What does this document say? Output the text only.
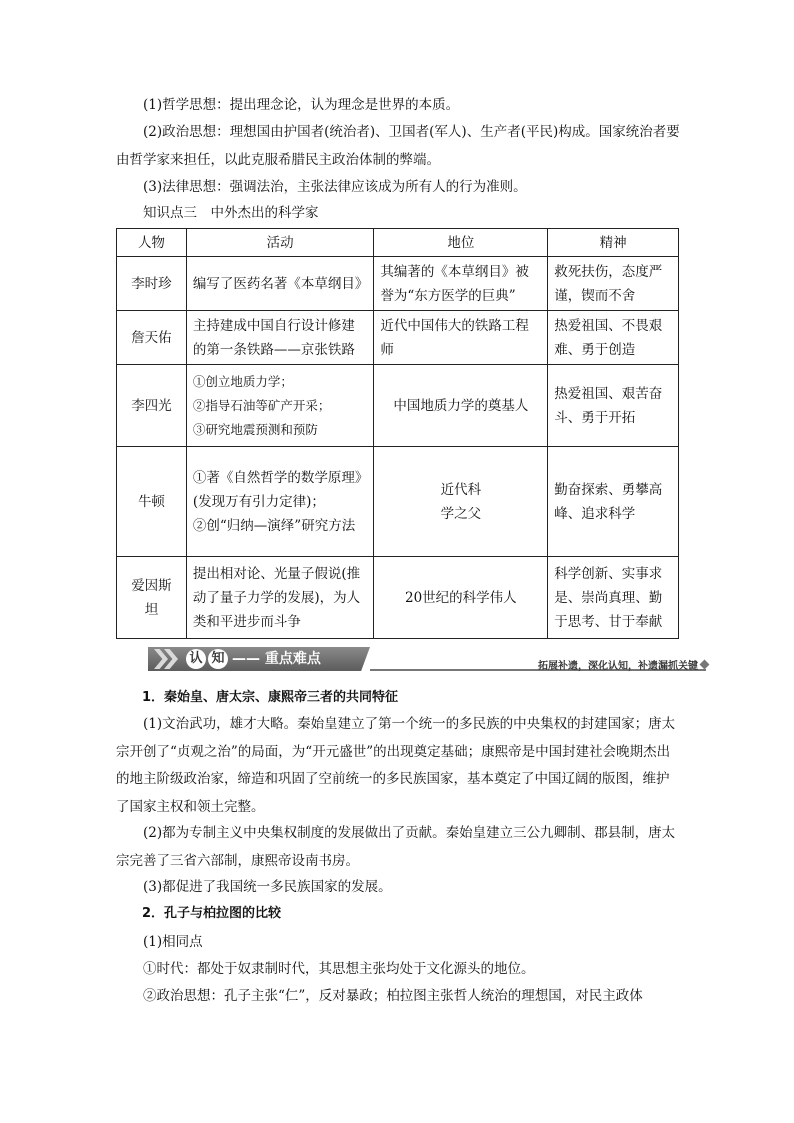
(1)哲学思想：提出理念论，认为理念是世界的本质。
(2)政治思想：理想国由护国者(统治者)、卫国者(军人)、生产者(平民)构成。国家统治者要由哲学家来担任，以此克服希腊民主政治体制的弊端。
(3)法律思想：强调法治，主张法律应该成为所有人的行为准则。
知识点三　中外杰出的科学家
人物	活动	地位	精神
李时珍	编写了医药名著《本草纲目》	其编著的《本草纲目》被誉为“东方医学的巨典”	救死扶伤，态度严谨，锲而不舍
詹天佑	主持建成中国自行设计修建的第一条铁路——京张铁路	近代中国伟大的铁路工程师	热爱祖国、不畏艰难、勇于创造
李四光	①创立地质力学；
②指导石油等矿产开采；
③研究地震预测和预防	中国地质力学的奠基人	热爱祖国、艰苦奋斗、勇于开拓
牛顿	①著《自然哲学的数学原理》(发现万有引力定律)；
②创“归纳—演绎”研究方法	近代科学之父	勤奋探索、勇攀高峰、追求科学
爱因斯坦	提出相对论、光量子假说(推动了量子力学的发展)，为人类和平进步而斗争	20世纪的科学伟人	科学创新、实事求是、崇尚真理、勤于思考、甘于奉献
认 知 —— 重点难点	拓展补遗，深化认知，补遗漏抓关键
1．秦始皇、唐太宗、康熙帝三者的共同特征
(1)文治武功，雄才大略。秦始皇建立了第一个统一的多民族的中央集权的封建国家；唐太宗开创了“贞观之治”的局面，为“开元盛世”的出现奠定基础；康熙帝是中国封建社会晚期杰出的地主阶级政治家，缔造和巩固了空前统一的多民族国家，基本奠定了中国辽阔的版图，维护了国家主权和领土完整。
(2)都为专制主义中央集权制度的发展做出了贡献。秦始皇建立三公九卿制、郡县制，唐太宗完善了三省六部制，康熙帝设南书房。
(3)都促进了我国统一多民族国家的发展。
2．孔子与柏拉图的比较
(1)相同点
①时代：都处于奴隶制时代，其思想主张均处于文化源头的地位。
②政治思想：孔子主张“仁”，反对暴政；柏拉图主张哲人统治的理想国，对民主政体
